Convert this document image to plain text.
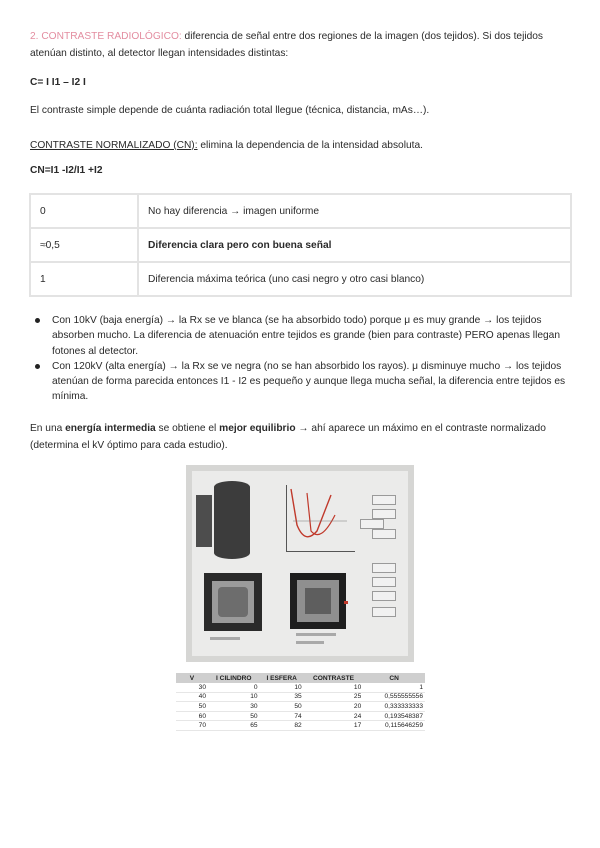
2. CONTRASTE RADIOLÓGICO: diferencia de señal entre dos regiones de la imagen (dos tejidos). Si dos tejidos atenúan distinto, al detector llegan intensidades distintas:

C= I I1 – I2 I

El contraste simple depende de cuánta radiación total llegue (técnica, distancia, mAs…).

CONTRASTE NORMALIZADO (CN): elimina la dependencia de la intensidad absoluta.

CN=I1 -I2/I1 +I2

0	No hay diferencia → imagen uniforme
≈0,5	Diferencia clara pero con buena señal
1	Diferencia máxima teórica (uno casi negro y otro casi blanco)
Con 10kV (baja energía) → la Rx se ve blanca (se ha absorbido todo) porque μ es muy grande → los tejidos absorben mucho. La diferencia de atenuación entre tejidos es grande (bien para contraste) PERO apenas llegan fotones al detector.
Con 120kV (alta energía) → la Rx se ve negra (no se han absorbido los rayos). μ disminuye mucho → los tejidos atenúan de forma parecida entonces I1 - I2 es pequeño y aunque llega mucha señal, la diferencia entre tejidos es mínima.

En una energía intermedia se obtiene el mejor equilibrio → ahí aparece un máximo en el contraste normalizado (determina el kV óptimo para cada estudio).

V	I CILINDRO	I ESFERA	CONTRASTE	CN
30	0	10	10	1
40	10	35	25	0,555555556
50	30	50	20	0,333333333
60	50	74	24	0,193548387
70	65	82	17	0,115646259
